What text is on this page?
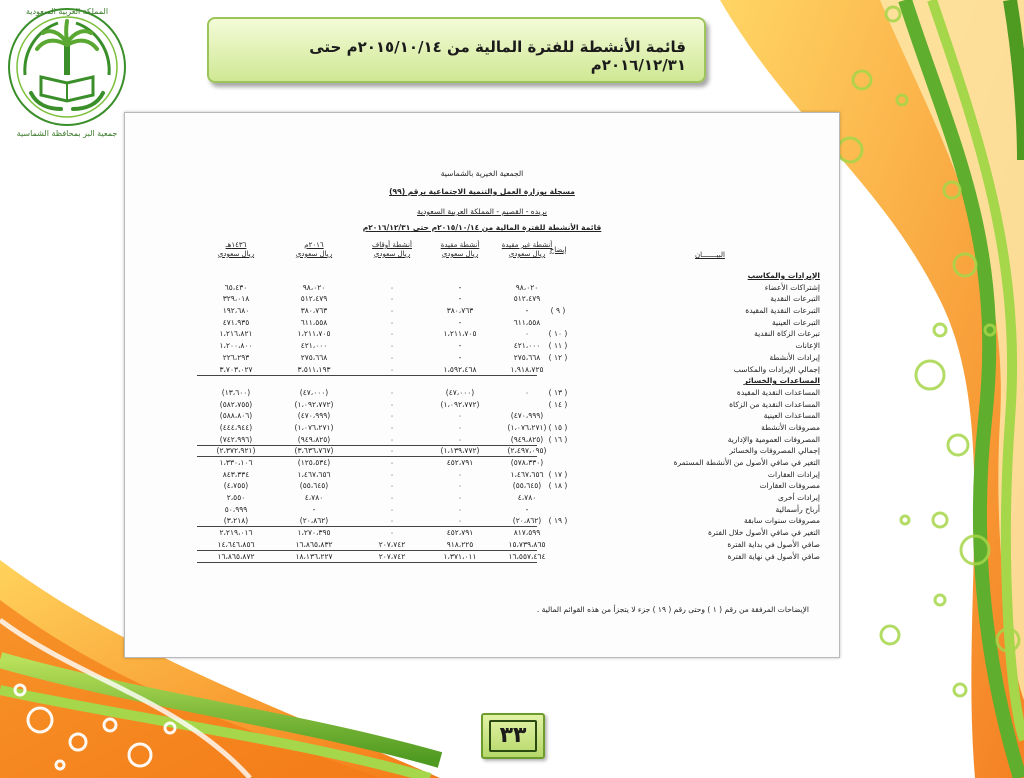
المملكة العربية السعودية
جمعية البر بمحافظة الشماسية
قائمة الأنشطة للفترة المالية من ٢٠١٥/١٠/١٤م حتى ٢٠١٦/١٢/٣١م
الجمعية الخيرية بالشماسية
مسجلة بوزارة العمل والتنمية الاجتماعية برقم (٩٩)
بريده - القصيم - المملكة العربية السعودية
قائمة الأنشطة للفترة المالية من ٢٠١٥/١٠/١٤م حتى ٢٠١٦/١٢/٣١م
البيـــــــان
إيضاح
أنشطة غير مقيدة
ريال سعودي
أنشطة مقيدة
ريال سعودي
أنشطة أوقاف
ريال سعودي
٢٠١٦م
ريال سعودي
١٤٣٦هـ
ريال سعودي
الإيرادات والمكاسب
إشتراكات الأعضاء
٩٨،٠٢٠
-
٠
٩٨،٠٢٠
٦٥،٤٣٠
التبرعات النقدية
٥١٢،٤٧٩
-
٠
٥١٢،٤٧٩
٣٢٩،٠١٨
التبرعات النقدية المقيدة
( ٩ )
-
٣٨٠،٧٦٣
٠
٣٨٠،٧٦٣
١٩٢،٦٨٠
التبرعات العينية
٦١١،٥٥٨
-
٠
٦١١،٥٥٨
٤٧١،٩٣٥
تبرعات الزكاة النقدية
( ١٠ )
٠
١،٢١١،٧٠٥
٠
١،٢١١،٧٠٥
١،٢١٦،٨٢١
الإعانات
( ١١ )
٤٢١،٠٠٠
-
٠
٤٢١،٠٠٠
١،٢٠٠،٨٠٠
إيرادات الأنشطة
( ١٢ )
٢٧٥،٦٦٨
-
٠
٢٧٥،٦٦٨
٢٢٦،٢٩٣
إجمالي الإيرادات والمكاسب
١،٩١٨،٧٢٥
١،٥٩٢،٤٦٨
٠
٣،٥١١،١٩٣
٣،٧٠٣،٠٢٧
المساعدات والخسائر
المساعدات النقدية المقيدة
( ١٣ )
٠
(٤٧،٠٠٠)
٠
(٤٧،٠٠٠)
(١٣،٦٠٠)
المساعدات النقدية من الزكاة
( ١٤ )
(١،٠٩٢،٧٧٢)
٠
(١،٠٩٢،٧٧٢)
(٥٨٢،٧٥٥)
المساعدات العينية
(٤٧٠،٩٩٩)
٠
٠
(٤٧٠،٩٩٩)
(٥٨٨،٨٠٦)
مصروفات الأنشطة
( ١٥ )
(١،٠٧٦،٢٧١)
٠
٠
(١،٠٧٦،٢٧١)
(٤٤٤،٩٤٤)
المصروفات العمومية والإدارية
( ١٦ )
(٩٤٩،٨٢٥)
٠
٠
(٩٤٩،٨٢٥)
(٧٤٢،٩٩٦)
إجمالي المصروفات والخسائر
(٢،٤٩٧،٠٩٥)
(١،١٣٩،٧٧٢)
٠
(٣،٦٣٦،٧٦٧)
(٢،٣٧٢،٩٢١)
التغير في صافي الأصول من الأنشطة المستمرة
(٥٧٨،٣٣٠)
٤٥٢،٧٩١
٠
(١٢٥،٥٣٤)
١،٣٣٠،١٠٦
إيرادات العقارات
( ١٧ )
١،٤٦٧،٦٥٦
٠
٠
١،٤٦٧،٦٥٦
٨٤٣،٣٣٤
مصروفات العقارات
( ١٨ )
(٥٥،٦٤٥)
٠
٠
(٥٥،٦٤٥)
(٤،٧٥٥)
إيرادات أخرى
٤،٧٨٠
٠
٠
٤،٧٨٠
٢،٥٥٠
أرباح رأسمالية
-
٠
٠
-
٥٠،٩٩٩
مصروفات سنوات سابقة
( ١٩ )
(٢٠،٨٦٢)
٠
٠
(٢٠،٨٦٢)
(٣،٢١٨)
التغير في صافي الأصول خلال الفترة
٨١٧،٥٩٩
٤٥٢،٧٩١
٠
١،٢٧٠،٣٩٥
٢،٢١٩،٠١٦
صافي الأصول في بداية الفترة
١٥،٧٣٩،٨٦٥
٩١٨،٢٢٥
٢٠٧،٧٤٢
١٦،٨٦٥،٨٣٢
١٤،٦٤٦،٨٥٦
صافي الأصول في نهاية الفترة
١٦،٥٥٧،٤٦٤
١،٣٧١،٠١١
٢٠٧،٧٤٢
١٨،١٣٦،٢٢٧
١٦،٨٦٥،٨٧٢
الإيضاحات المرفقة من رقم ( ١ ) وحتى رقم ( ١٩ ) جزء لا يتجزأ من هذه القوائم المالية .
٣٣
